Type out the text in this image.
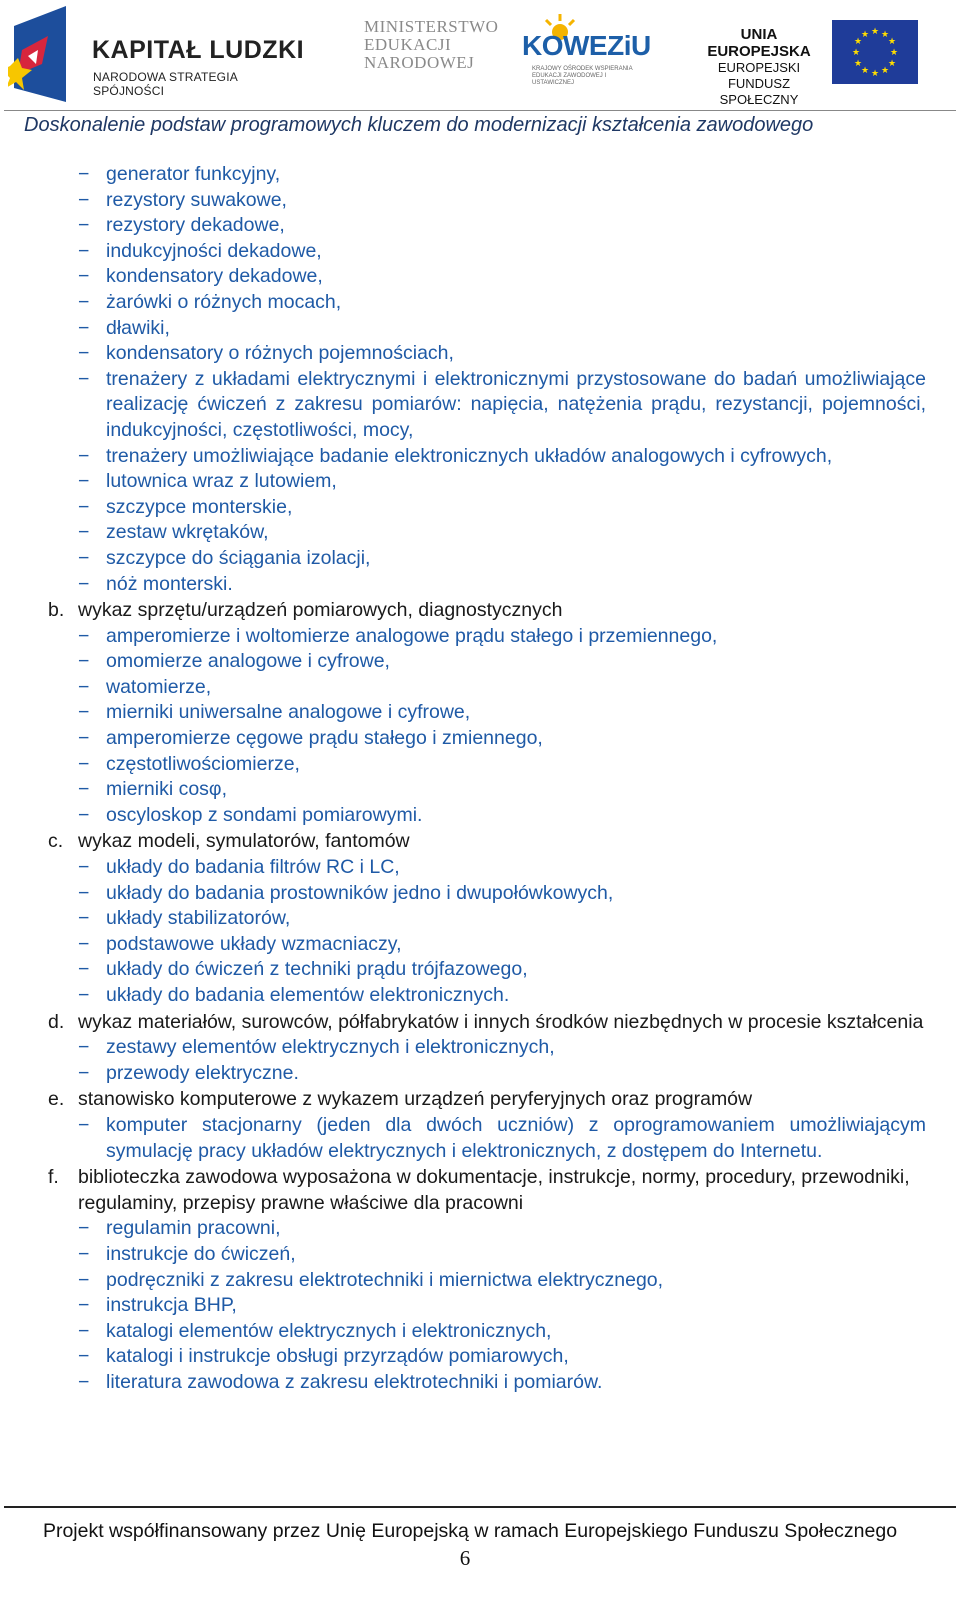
KAPITAŁ LUDZKI
NARODOWA STRATEGIA SPÓJNOŚCI
MINISTERSTWO
EDUKACJI
NARODOWEJ
KOWEZiU
KRAJOWY OŚRODEK WSPIERANIA EDUKACJI ZAWODOWEJ I USTAWICZNEJ
UNIA EUROPEJSKA
EUROPEJSKI
FUNDUSZ SPOŁECZNY
★ ★
★
★
★
★
★
★
★
★
★
★
Doskonalenie podstaw programowych kluczem do modernizacji kształcenia zawodowego
− generator funkcyjny,
− rezystory suwakowe,
− rezystory dekadowe,
− indukcyjności dekadowe,
− kondensatory dekadowe,
− żarówki o różnych mocach,
− dławiki,
− kondensatory o różnych pojemnościach,
− trenażery z układami elektrycznymi i elektronicznymi przystosowane do badań umożliwiające realizację ćwiczeń z zakresu pomiarów: napięcia, natężenia prądu, rezystancji, pojemności, indukcyjności, częstotliwości, mocy,
− trenażery umożliwiające badanie elektronicznych układów analogowych i cyfrowych,
− lutownica wraz z lutowiem,
− szczypce monterskie,
− zestaw wkrętaków,
− szczypce do ściągania izolacji,
− nóż monterski.
b. wykaz sprzętu/urządzeń pomiarowych, diagnostycznych
− amperomierze i woltomierze analogowe prądu stałego i przemiennego,
− omomierze analogowe i cyfrowe,
− watomierze,
− mierniki uniwersalne analogowe i cyfrowe,
− amperomierze cęgowe prądu stałego i zmiennego,
− częstotliwościomierze,
− mierniki cosφ,
− oscyloskop z sondami pomiarowymi.
c. wykaz modeli, symulatorów, fantomów
− układy do badania filtrów RC i LC,
− układy do badania prostowników jedno i dwupołówkowych,
− układy stabilizatorów,
− podstawowe układy wzmacniaczy,
− układy do ćwiczeń z techniki prądu trójfazowego,
− układy do badania elementów elektronicznych.
d. wykaz materiałów, surowców, półfabrykatów i innych środków niezbędnych w procesie kształcenia
− zestawy elementów elektrycznych i elektronicznych,
− przewody elektryczne.
e. stanowisko komputerowe z wykazem urządzeń peryferyjnych oraz programów
− komputer stacjonarny (jeden dla dwóch uczniów) z oprogramowaniem umożliwiającym symulację pracy układów elektrycznych i elektronicznych, z dostępem do Internetu.
f. biblioteczka zawodowa wyposażona w dokumentacje, instrukcje, normy, procedury, przewodniki, regulaminy, przepisy prawne właściwe dla pracowni
− regulamin pracowni,
− instrukcje do ćwiczeń,
− podręczniki z zakresu elektrotechniki i miernictwa elektrycznego,
− instrukcja BHP,
− katalogi elementów elektrycznych i elektronicznych,
− katalogi i instrukcje obsługi przyrządów pomiarowych,
− literatura zawodowa z zakresu elektrotechniki i pomiarów.
Projekt współfinansowany przez Unię Europejską w ramach Europejskiego Funduszu Społecznego
6
